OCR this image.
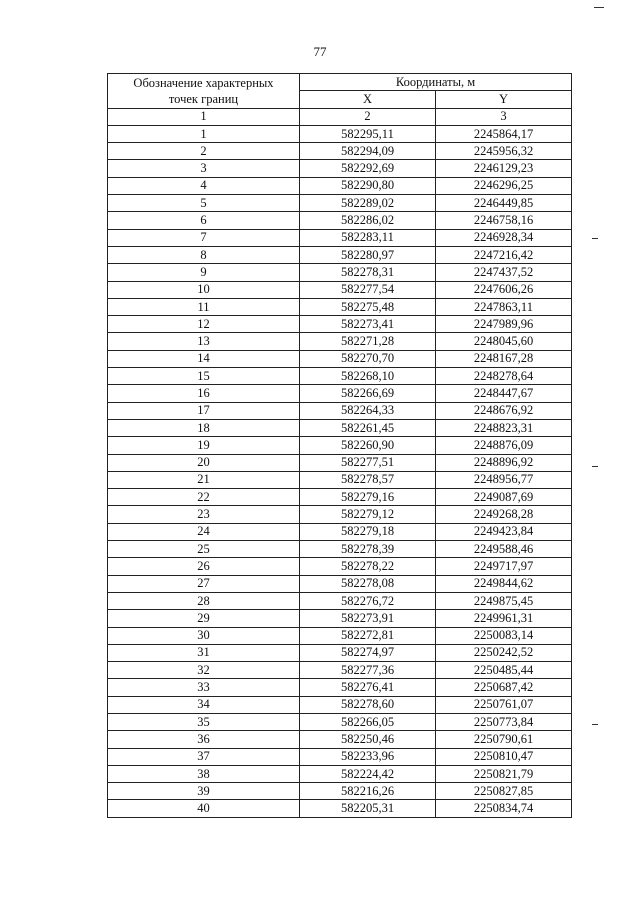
77
Обозначение характерных
точек границ	Координаты, м	
	X	Y
1	2	3
1	582295,11	2245864,17
2	582294,09	2245956,32
3	582292,69	2246129,23
4	582290,80	2246296,25
5	582289,02	2246449,85
6	582286,02	2246758,16
7	582283,11	2246928,34
8	582280,97	2247216,42
9	582278,31	2247437,52
10	582277,54	2247606,26
11	582275,48	2247863,11
12	582273,41	2247989,96
13	582271,28	2248045,60
14	582270,70	2248167,28
15	582268,10	2248278,64
16	582266,69	2248447,67
17	582264,33	2248676,92
18	582261,45	2248823,31
19	582260,90	2248876,09
20	582277,51	2248896,92
21	582278,57	2248956,77
22	582279,16	2249087,69
23	582279,12	2249268,28
24	582279,18	2249423,84
25	582278,39	2249588,46
26	582278,22	2249717,97
27	582278,08	2249844,62
28	582276,72	2249875,45
29	582273,91	2249961,31
30	582272,81	2250083,14
31	582274,97	2250242,52
32	582277,36	2250485,44
33	582276,41	2250687,42
34	582278,60	2250761,07
35	582266,05	2250773,84
36	582250,46	2250790,61
37	582233,96	2250810,47
38	582224,42	2250821,79
39	582216,26	2250827,85
40	582205,31	2250834,74
